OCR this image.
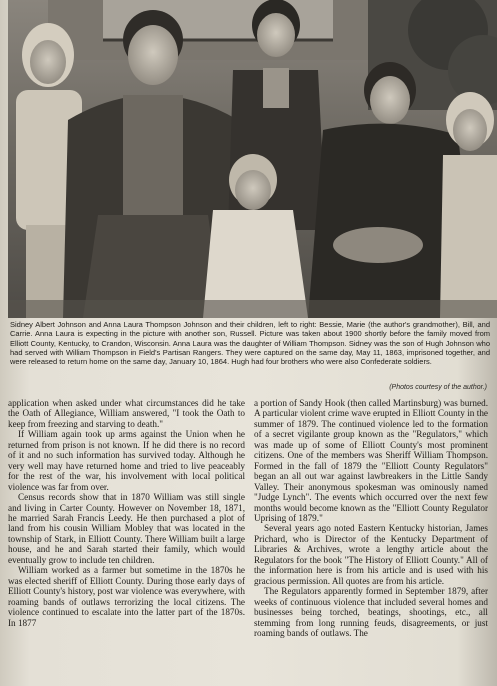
Sidney Albert Johnson and Anna Laura Thompson Johnson and their children, left to right: Bessie, Marie (the author's grandmother), Bill, and Carrie. Anna Laura is expecting in the picture with another son, Russell. Picture was taken about 1900 shortly before the family moved from Elliott County, Kentucky, to Crandon, Wisconsin. Anna Laura was the daughter of William Thompson. Sidney was the son of Hugh Johnson who had served with William Thompson in Field's Partisan Rangers. They were captured on the same day, May 11, 1863, imprisoned together, and were released to return home on the same day, January 10, 1864. Hugh had four brothers who were also Confederate soldiers.
(Photos courtesy of the author.)

application when asked under what circumstances did he take the Oath of Allegiance, William answered, "I took the Oath to keep from freezing and starving to death."

If William again took up arms against the Union when he returned from prison is not known. If he did there is no record of it and no such information has survived today. Although he very well may have returned home and tried to live peaceably for the rest of the war, his involvement with local political violence was far from over.

Census records show that in 1870 William was still single and living in Carter County. However on November 18, 1871, he married Sarah Francis Leedy. He then purchased a plot of land from his cousin William Mobley that was located in the township of Stark, in Elliott County. There William built a large house, and he and Sarah started their family, which would eventually grow to include ten children.

William worked as a farmer but sometime in the 1870s he was elected sheriff of Elliott County. During those early days of Elliott County's history, post war violence was everywhere, with roaming bands of outlaws terrorizing the local citizens. The violence continued to escalate into the latter part of the 1870s. In 1877

a portion of Sandy Hook (then called Martinsburg) was burned. A particular violent crime wave erupted in Elliott County in the summer of 1879. The continued violence led to the formation of a secret vigilante group known as the "Regulators," which was made up of some of Elliott County's most prominent citizens. One of the members was Sheriff William Thompson. Formed in the fall of 1879 the "Elliott County Regulators" began an all out war against lawbreakers in the Little Sandy Valley. Their anonymous spokesman was ominously named "Judge Lynch". The events which occurred over the next few months would become known as the "Elliott County Regulator Uprising of 1879."

Several years ago noted Eastern Kentucky historian, James Prichard, who is Director of the Kentucky Department of Libraries & Archives, wrote a lengthy article about the Regulators for the book "The History of Elliott County." All of the information here is from his article and is used with his gracious permission. All quotes are from his article.

The Regulators apparently formed in September 1879, after weeks of continuous violence that included several homes and businesses being torched, beatings, shootings, etc., all stemming from long running feuds, disagreements, or just roaming bands of outlaws. The
